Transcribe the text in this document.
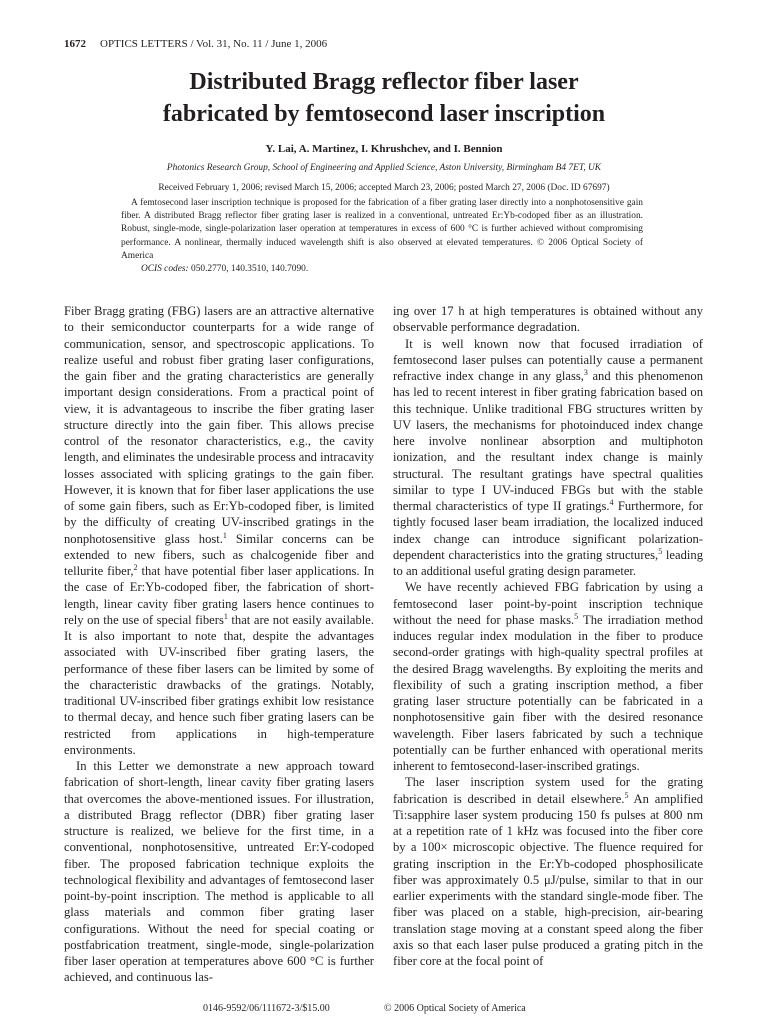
1672 OPTICS LETTERS / Vol. 31, No. 11 / June 1, 2006
Distributed Bragg reflector fiber laser
fabricated by femtosecond laser inscription
Y. Lai, A. Martinez, I. Khrushchev, and I. Bennion
Photonics Research Group, School of Engineering and Applied Science, Aston University, Birmingham B4 7ET, UK
Received February 1, 2006; revised March 15, 2006; accepted March 23, 2006; posted March 27, 2006 (Doc. ID 67697)

A femtosecond laser inscription technique is proposed for the fabrication of a fiber grating laser directly into a nonphotosensitive gain fiber. A distributed Bragg reflector fiber grating laser is realized in a conventional, untreated Er:Yb-codoped fiber as an illustration. Robust, single-mode, single-polarization laser operation at temperatures in excess of 600 °C is further achieved without compromising performance. A nonlinear, thermally induced wavelength shift is also observed at elevated temperatures. © 2006 Optical Society of America

OCIS codes: 050.2770, 140.3510, 140.7090.

Fiber Bragg grating (FBG) lasers are an attractive alternative to their semiconductor counterparts for a wide range of communication, sensor, and spectroscopic applications. To realize useful and robust fiber grating laser configurations, the gain fiber and the grating characteristics are generally important design considerations. From a practical point of view, it is advantageous to inscribe the fiber grating laser structure directly into the gain fiber. This allows precise control of the resonator characteristics, e.g., the cavity length, and eliminates the undesirable process and intracavity losses associated with splicing gratings to the gain fiber. However, it is known that for fiber laser applications the use of some gain fibers, such as Er:Yb-codoped fiber, is limited by the difficulty of creating UV-inscribed gratings in the nonphotosensitive glass host.$^1$ Similar concerns can be extended to new fibers, such as chalcogenide fiber and tellurite fiber,$^2$ that have potential fiber laser applications. In the case of Er:Yb-codoped fiber, the fabrication of short-length, linear cavity fiber grating lasers hence continues to rely on the use of special fibers$^1$ that are not easily available. It is also important to note that, despite the advantages associated with UV-inscribed fiber grating lasers, the performance of these fiber lasers can be limited by some of the characteristic drawbacks of the gratings. Notably, traditional UV-inscribed fiber gratings exhibit low resistance to thermal decay, and hence such fiber grating lasers can be restricted from applications in high-temperature environments.

In this Letter we demonstrate a new approach toward fabrication of short-length, linear cavity fiber grating lasers that overcomes the above-mentioned issues. For illustration, a distributed Bragg reflector (DBR) fiber grating laser structure is realized, we believe for the first time, in a conventional, nonphotosensitive, untreated Er:Y-codoped fiber. The proposed fabrication technique exploits the technological flexibility and advantages of femtosecond laser point-by-point inscription. The method is applicable to all glass materials and common fiber grating laser configurations. Without the need for special coating or postfabrication treatment, single-mode, single-polarization fiber laser operation at temperatures above 600 °C is further achieved, and continuous las-

ing over 17 h at high temperatures is obtained without any observable performance degradation.

It is well known now that focused irradiation of femtosecond laser pulses can potentially cause a permanent refractive index change in any glass,$^3$ and this phenomenon has led to recent interest in fiber grating fabrication based on this technique. Unlike traditional FBG structures written by UV lasers, the mechanisms for photoinduced index change here involve nonlinear absorption and multiphoton ionization, and the resultant index change is mainly structural. The resultant gratings have spectral qualities similar to type I UV-induced FBGs but with the stable thermal characteristics of type II gratings.$^4$ Furthermore, for tightly focused laser beam irradiation, the localized induced index change can introduce significant polarization-dependent characteristics into the grating structures,$^5$ leading to an additional useful grating design parameter.

We have recently achieved FBG fabrication by using a femtosecond laser point-by-point inscription technique without the need for phase masks.$^5$ The irradiation method induces regular index modulation in the fiber to produce second-order gratings with high-quality spectral profiles at the desired Bragg wavelengths. By exploiting the merits and flexibility of such a grating inscription method, a fiber grating laser structure potentially can be fabricated in a nonphotosensitive gain fiber with the desired resonance wavelength. Fiber lasers fabricated by such a technique potentially can be further enhanced with operational merits inherent to femtosecond-laser-inscribed gratings.

The laser inscription system used for the grating fabrication is described in detail elsewhere.$^5$ An amplified Ti:sapphire laser system producing 150 fs pulses at 800 nm at a repetition rate of 1 kHz was focused into the fiber core by a 100× microscopic objective. The fluence required for grating inscription in the Er:Yb-codoped phosphosilicate fiber was approximately 0.5 μJ/pulse, similar to that in our earlier experiments with the standard single-mode fiber. The fiber was placed on a stable, high-precision, air-bearing translation stage moving at a constant speed along the fiber axis so that each laser pulse produced a grating pitch in the fiber core at the focal point of

0146-9592/06/111672-3/$15.00	© 2006 Optical Society of America
